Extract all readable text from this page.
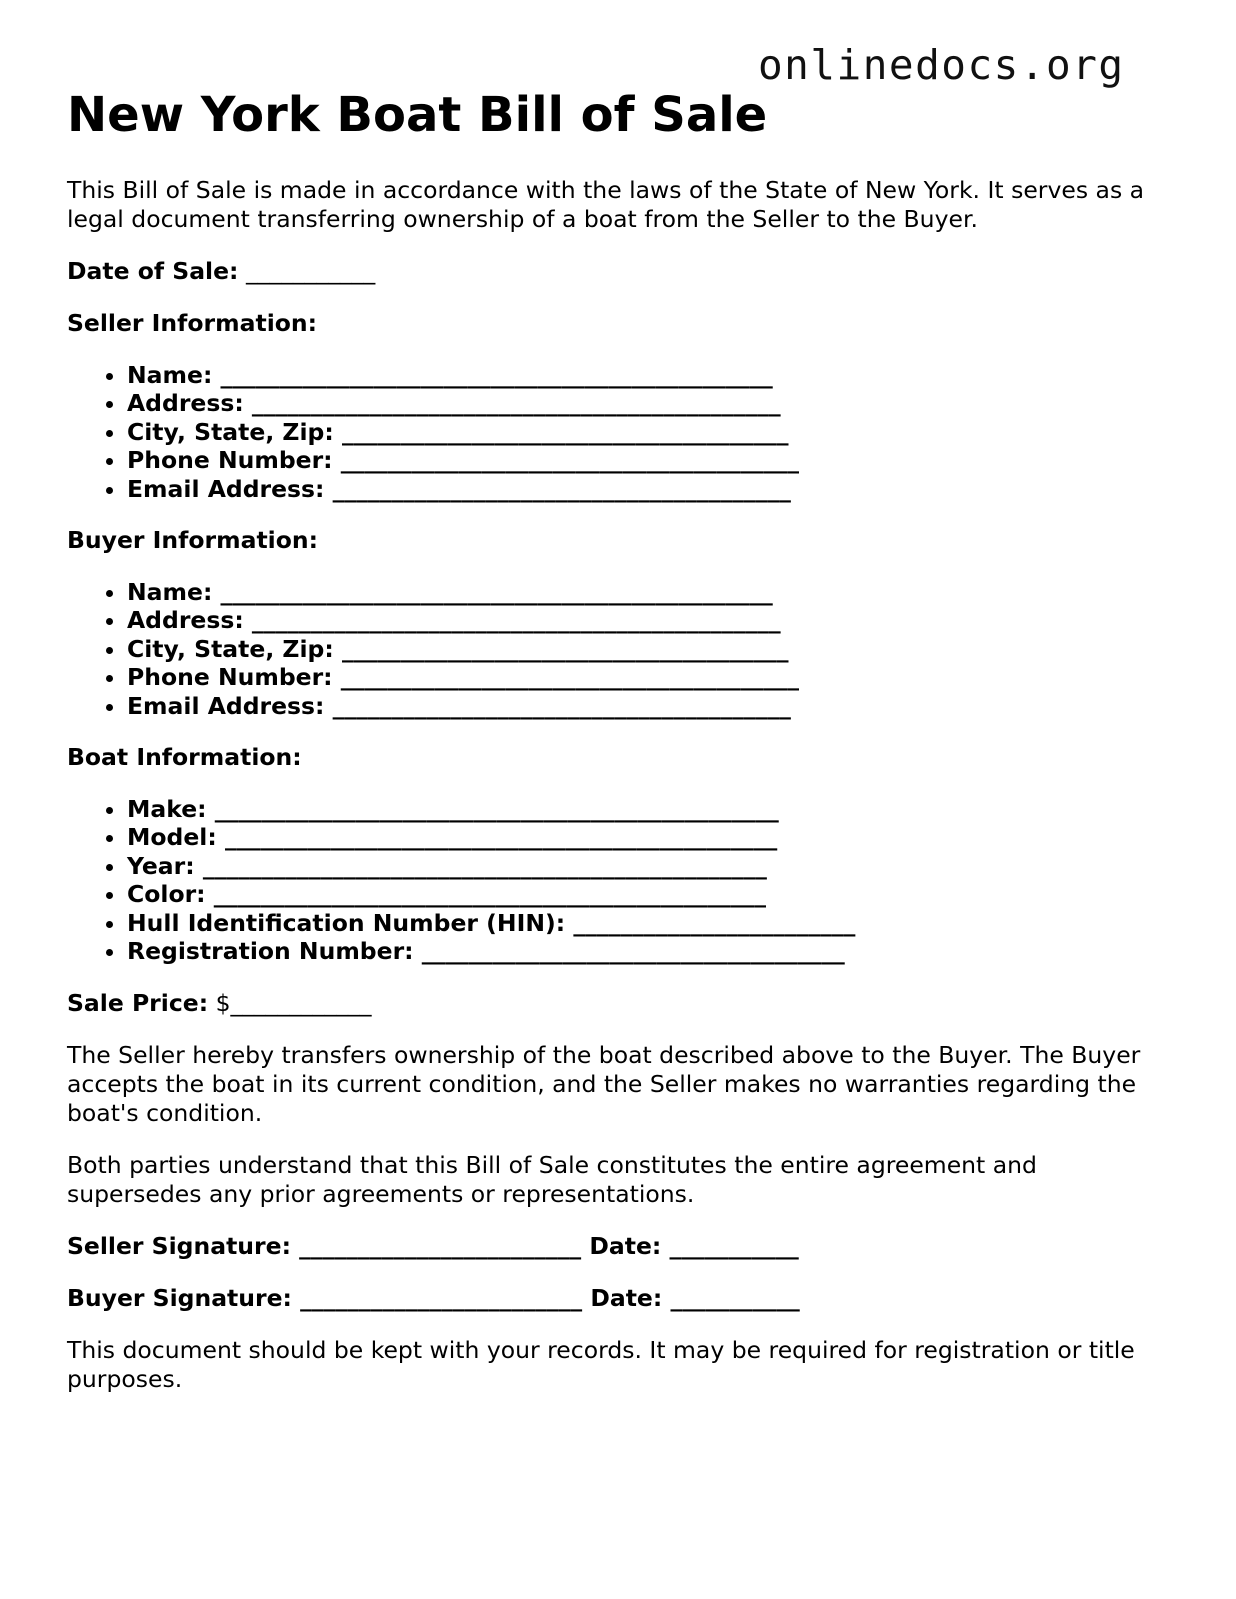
onlinedocs.org
New York Boat Bill of Sale

This Bill of Sale is made in accordance with the laws of the State of New York. It serves as a legal document transferring ownership of a boat from the Seller to the Buyer.

Date of Sale: ___________

Seller Information:

• Name: _______________________________________________
• Address: _____________________________________________
• City, State, Zip: ______________________________________
• Phone Number: _______________________________________
• Email Address: _______________________________________

Buyer Information:

• Name: _______________________________________________
• Address: _____________________________________________
• City, State, Zip: ______________________________________
• Phone Number: _______________________________________
• Email Address: _______________________________________

Boat Information:

• Make: ________________________________________________
• Model: _______________________________________________
• Year: ________________________________________________
• Color: _______________________________________________
• Hull Identification Number (HIN): ________________________
• Registration Number: ____________________________________

Sale Price: $____________

The Seller hereby transfers ownership of the boat described above to the Buyer. The Buyer accepts the boat in its current condition, and the Seller makes no warranties regarding the boat's condition.

Both parties understand that this Bill of Sale constitutes the entire agreement and supersedes any prior agreements or representations.

Seller Signature: ________________________ Date: ___________

Buyer Signature: ________________________ Date: ___________

This document should be kept with your records. It may be required for registration or title purposes.
